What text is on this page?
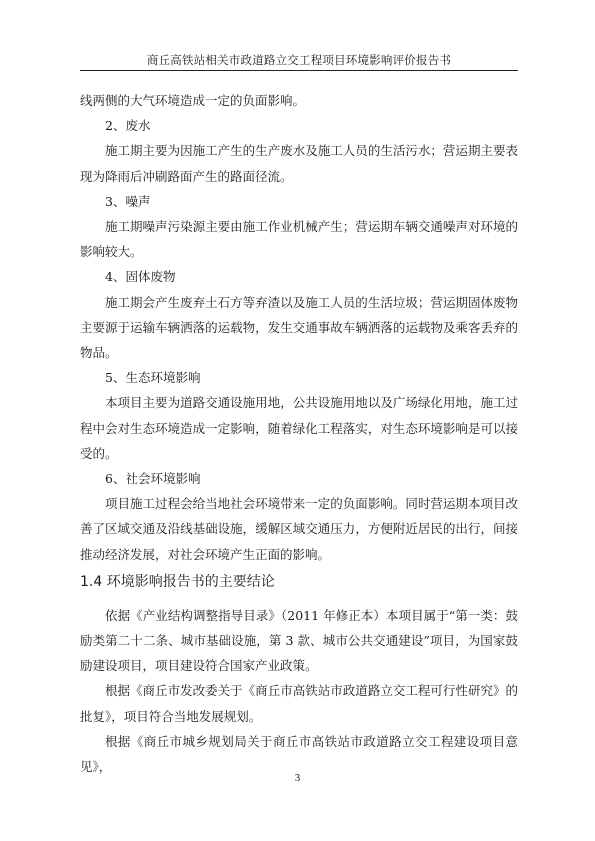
商丘高铁站相关市政道路立交工程项目环境影响评价报告书

线两侧的大气环境造成一定的负面影响。

2、废水

施工期主要为因施工产生的生产废水及施工人员的生活污水；营运期主要表现为降雨后冲刷路面产生的路面径流。

3、噪声

施工期噪声污染源主要由施工作业机械产生；营运期车辆交通噪声对环境的影响较大。

4、固体废物

施工期会产生废弃土石方等弃渣以及施工人员的生活垃圾；营运期固体废物主要源于运输车辆洒落的运载物，发生交通事故车辆洒落的运载物及乘客丢弃的物品。

5、生态环境影响

本项目主要为道路交通设施用地，公共设施用地以及广场绿化用地，施工过程中会对生态环境造成一定影响，随着绿化工程落实，对生态环境影响是可以接受的。

6、社会环境影响

项目施工过程会给当地社会环境带来一定的负面影响。同时营运期本项目改善了区域交通及沿线基础设施，缓解区域交通压力，方便附近居民的出行，间接推动经济发展，对社会环境产生正面的影响。

1.4 环境影响报告书的主要结论

依据《产业结构调整指导目录》（2011 年修正本）本项目属于“第一类：鼓励类第二十二条、城市基础设施，第 3 款、城市公共交通建设”项目，为国家鼓励建设项目，项目建设符合国家产业政策。

根据《商丘市发改委关于《商丘市高铁站市政道路立交工程可行性研究》的批复》，项目符合当地发展规划。

根据《商丘市城乡规划局关于商丘市高铁站市政道路立交工程建设项目意见》，

3
